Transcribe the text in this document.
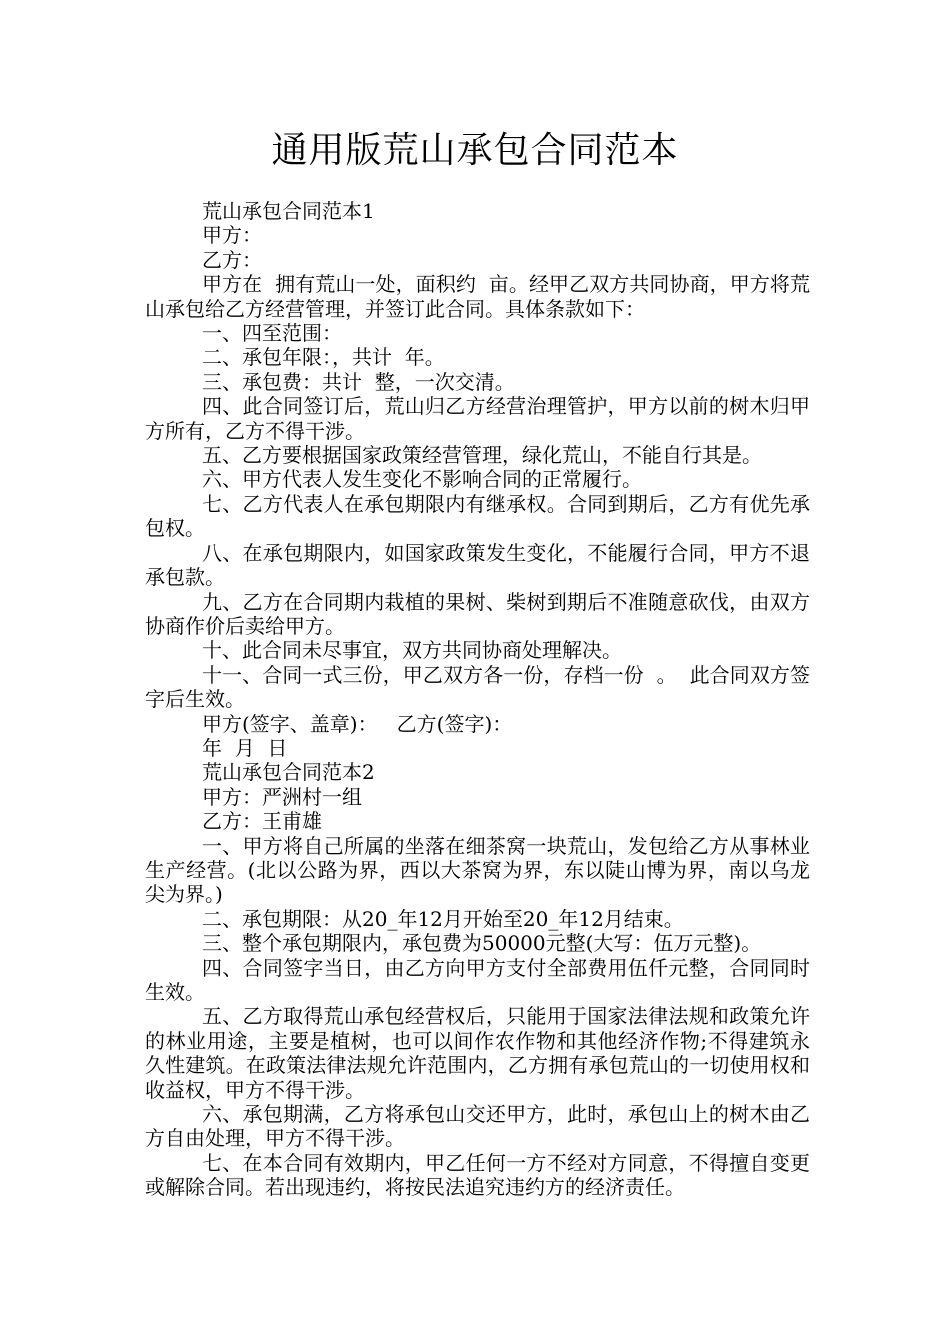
通用版荒山承包合同范本

荒山承包合同范本1

甲方：

乙方：

甲方在  拥有荒山一处，面积约  亩。经甲乙双方共同协商，甲方将荒山承包给乙方经营管理，并签订此合同。具体条款如下：

一、四至范围：

二、承包年限：，共计  年。

三、承包费：共计  整，一次交清。

四、此合同签订后，荒山归乙方经营治理管护，甲方以前的树木归甲方所有，乙方不得干涉。

五、乙方要根据国家政策经营管理，绿化荒山，不能自行其是。

六、甲方代表人发生变化不影响合同的正常履行。

七、乙方代表人在承包期限内有继承权。合同到期后，乙方有优先承包权。

八、在承包期限内，如国家政策发生变化，不能履行合同，甲方不退承包款。

九、乙方在合同期内栽植的果树、柴树到期后不准随意砍伐，由双方协商作价后卖给甲方。

十、此合同未尽事宜，双方共同协商处理解决。

十一、合同一式三份，甲乙双方各一份，存档一份  。  此合同双方签字后生效。

甲方(签字、盖章)：   乙方(签字)：

年  月  日

荒山承包合同范本2

甲方：严洲村一组

乙方：王甫雄

一、甲方将自己所属的坐落在细茶窝一块荒山，发包给乙方从事林业生产经营。(北以公路为界，西以大茶窝为界，东以陡山博为界，南以乌龙尖为界。)

二、承包期限：从20_年12月开始至20_年12月结束。

三、整个承包期限内，承包费为50000元整(大写：伍万元整)。

四、合同签字当日，由乙方向甲方支付全部费用伍仟元整，合同同时生效。

五、乙方取得荒山承包经营权后，只能用于国家法律法规和政策允许的林业用途，主要是植树，也可以间作农作物和其他经济作物;不得建筑永久性建筑。在政策法律法规允许范围内，乙方拥有承包荒山的一切使用权和收益权，甲方不得干涉。

六、承包期满，乙方将承包山交还甲方，此时，承包山上的树木由乙方自由处理，甲方不得干涉。

七、在本合同有效期内，甲乙任何一方不经对方同意，不得擅自变更或解除合同。若出现违约，将按民法追究违约方的经济责任。
